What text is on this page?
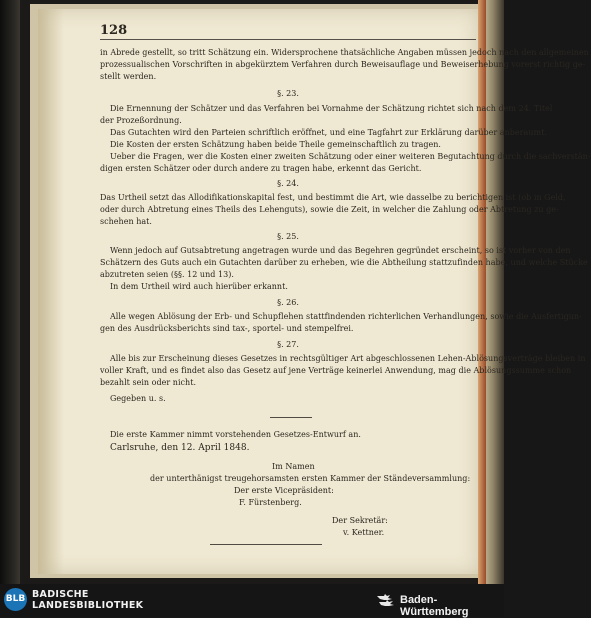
128
in Abrede gestellt, so tritt Schätzung ein. Widersprochene thatsächliche Angaben müssen jedoch nach den allgemeinen
prozessualischen Vorschriften in abgekürztem Verfahren durch Beweisauflage und Beweiserhebung vorerst richtig ge-
stellt werden.
§. 23.
Die Ernennung der Schätzer und das Verfahren bei Vornahme der Schätzung richtet sich nach dem 24. Titel
der Prozeßordnung.
Das Gutachten wird den Parteien schriftlich eröffnet, und eine Tagfahrt zur Erklärung darüber anberaumt.
Die Kosten der ersten Schätzung haben beide Theile gemeinschaftlich zu tragen.
Ueber die Fragen, wer die Kosten einer zweiten Schätzung oder einer weiteren Begutachtung durch die sachverstän-
digen ersten Schätzer oder durch andere zu tragen habe, erkennt das Gericht.
§. 24.
Das Urtheil setzt das Allodifikationskapital fest, und bestimmt die Art, wie dasselbe zu berichtigen ist (ob in Geld,
oder durch Abtretung eines Theils des Lehenguts), sowie die Zeit, in welcher die Zahlung oder Abtretung zu ge-
schehen hat.
§. 25.
Wenn jedoch auf Gutsabtretung angetragen wurde und das Begehren gegründet erscheint, so ist vorher von den
Schätzern des Guts auch ein Gutachten darüber zu erheben, wie die Abtheilung stattzufinden habe, und welche Stücke
abzutreten seien (§§. 12 und 13).
In dem Urtheil wird auch hierüber erkannt.
§. 26.
Alle wegen Ablösung der Erb- und Schupflehen stattfindenden richterlichen Verhandlungen, sowie die Ausfertigun-
gen des Ausdrücksberichts sind tax-, sportel- und stempelfrei.
§. 27.
Alle bis zur Erscheinung dieses Gesetzes in rechtsgültiger Art abgeschlossenen Lehen-Ablösungsverträge bleiben in
voller Kraft, und es findet also das Gesetz auf jene Verträge keinerlei Anwendung, mag die Ablösungssumme schon
bezahlt sein oder nicht.
Gegeben u. s.
Die erste Kammer nimmt vorstehenden Gesetzes-Entwurf an.
Carlsruhe, den 12. April 1848.
Im Namen
der unterthänigst treugehorsamsten ersten Kammer der Ständeversammlung:
Der erste Vicepräsident:
F. Fürstenberg.
Der Sekretär:
v. Kettner.
BLB BADISCHE
LANDESBIBLIOTHEK	Baden-Württemberg
